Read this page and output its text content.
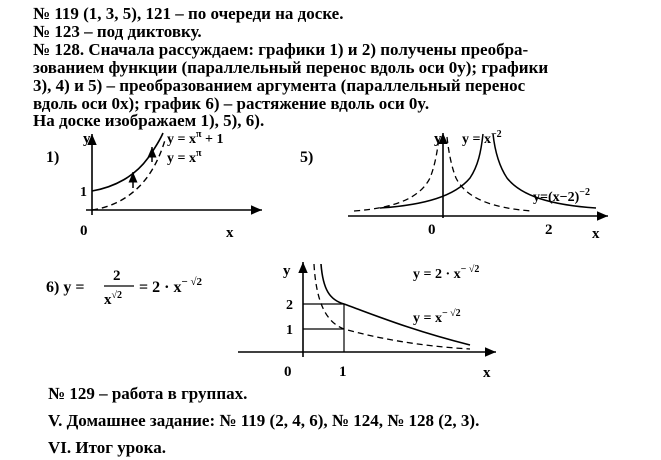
№ 119 (1, 3, 5), 121 – по очереди на доске.
№ 123 – под диктовку.
№ 128. Сначала рассуждаем: графики 1) и 2) получены преобра-
зованием функции (параллельный перенос вдоль оси 0y); графики
3), 4) и 5) – преобразованием аргумента (параллельный перенос
вдоль оси 0x); график 6) – растяжение вдоль оси 0y.
На доске изображаем 1), 5), 6).
№ 129 – работа в группах.
V. Домашнее задание: № 119 (2, 4, 6), № 124, № 128 (2, 3).
VI. Итог урока.
1)
y
x
0
1
$y = x^\pi + 1$
$y = x^\pi$	5)
y
x
0	2
$y = x^{-2}$
$y=(x-2)^{-2}$
6) y =
2
$x^{√2} = 2 \cdot x^{- √2}$
y
x
0	1
2
1
$y = 2 \cdot x^{- √2}$
$y = x^{- √2}$
